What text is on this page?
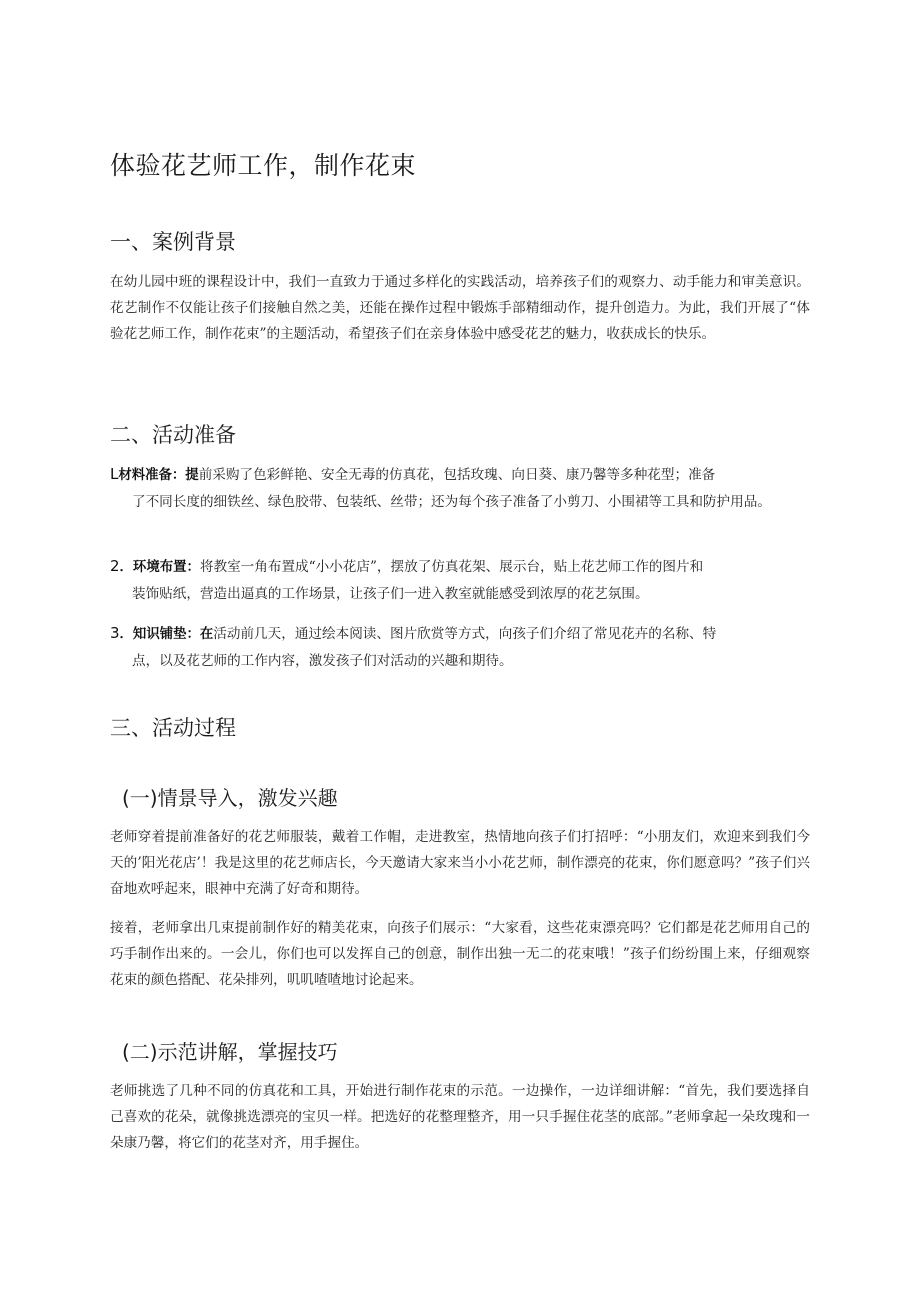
体验花艺师工作，制作花束
一、案例背景

在幼儿园中班的课程设计中，我们一直致力于通过多样化的实践活动，培养孩子们的观察力、动手能力和审美意识。花艺制作不仅能让孩子们接触自然之美，还能在操作过程中锻炼手部精细动作，提升创造力。为此，我们开展了“体验花艺师工作，制作花束”的主题活动，希望孩子们在亲身体验中感受花艺的魅力，收获成长的快乐。

二、活动准备
L材料准备：提前采购了色彩鲜艳、安全无毒的仿真花，包括玫瑰、向日葵、康乃馨等多种花型；准备
了不同长度的细铁丝、绿色胶带、包装纸、丝带；还为每个孩子准备了小剪刀、小围裙等工具和防护用品。
2．环境布置：将教室一角布置成“小小花店”，摆放了仿真花架、展示台，贴上花艺师工作的图片和
装饰贴纸，营造出逼真的工作场景，让孩子们一进入教室就能感受到浓厚的花艺氛围。
3．知识铺垫：在活动前几天，通过绘本阅读、图片欣赏等方式，向孩子们介绍了常见花卉的名称、特
点，以及花艺师的工作内容，激发孩子们对活动的兴趣和期待。
三、活动过程
(一)情景导入，激发兴趣

老师穿着提前准备好的花艺师服装，戴着工作帽，走进教室，热情地向孩子们打招呼：“小朋友们，欢迎来到我们今天的’阳光花店’！我是这里的花艺师店长，今天邀请大家来当小小花艺师，制作漂亮的花束，你们愿意吗？”孩子们兴奋地欢呼起来，眼神中充满了好奇和期待。

接着，老师拿出几束提前制作好的精美花束，向孩子们展示：“大家看，这些花束漂亮吗？它们都是花艺师用自己的巧手制作出来的。一会儿，你们也可以发挥自己的创意，制作出独一无二的花束哦！”孩子们纷纷围上来，仔细观察花束的颜色搭配、花朵排列，叽叽喳喳地讨论起来。

(二)示范讲解，掌握技巧

老师挑选了几种不同的仿真花和工具，开始进行制作花束的示范。一边操作，一边详细讲解：“首先，我们要选择自己喜欢的花朵，就像挑选漂亮的宝贝一样。把选好的花整理整齐，用一只手握住花茎的底部。”老师拿起一朵玫瑰和一朵康乃馨，将它们的花茎对齐，用手握住。
